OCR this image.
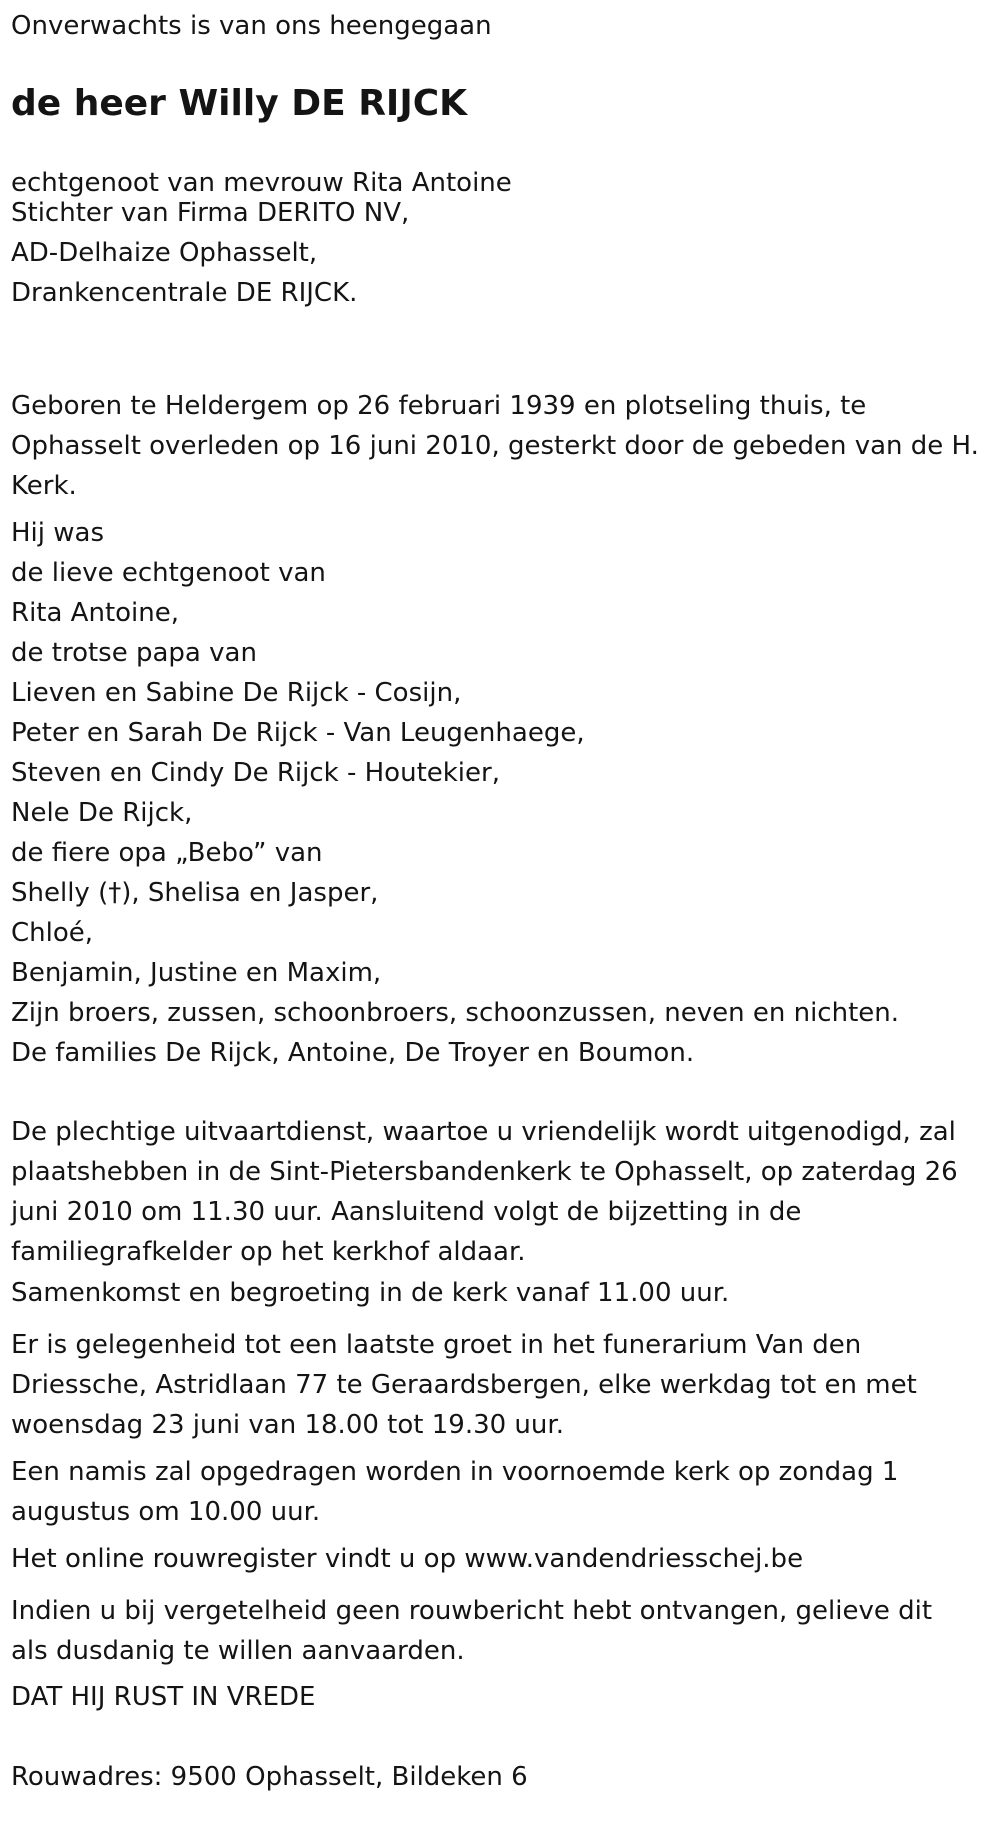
Onverwachts is van ons heengegaan
de heer Willy DE RIJCK
echtgenoot van mevrouw Rita Antoine
Stichter van Firma DERITO NV,
AD-Delhaize Ophasselt,
Drankencentrale DE RIJCK.
Geboren te Heldergem op 26 februari 1939 en plotseling thuis, te
Ophasselt overleden op 16 juni 2010, gesterkt door de gebeden van de H.
Kerk.
Hij was
de lieve echtgenoot van
Rita Antoine,
de trotse papa van
Lieven en Sabine De Rijck - Cosijn,
Peter en Sarah De Rijck - Van Leugenhaege,
Steven en Cindy De Rijck - Houtekier,
Nele De Rijck,
de fiere opa „Bebo” van
Shelly (†), Shelisa en Jasper,
Chloé,
Benjamin, Justine en Maxim,
Zijn broers, zussen, schoonbroers, schoonzussen, neven en nichten.
De families De Rijck, Antoine, De Troyer en Boumon.
De plechtige uitvaartdienst, waartoe u vriendelijk wordt uitgenodigd, zal
plaatshebben in de Sint-Pietersbandenkerk te Ophasselt, op zaterdag 26
juni 2010 om 11.30 uur. Aansluitend volgt de bijzetting in de
familiegrafkelder op het kerkhof aldaar.
Samenkomst en begroeting in de kerk vanaf 11.00 uur.
Er is gelegenheid tot een laatste groet in het funerarium Van den
Driessche, Astridlaan 77 te Geraardsbergen, elke werkdag tot en met
woensdag 23 juni van 18.00 tot 19.30 uur.
Een namis zal opgedragen worden in voornoemde kerk op zondag 1
augustus om 10.00 uur.
Het online rouwregister vindt u op www.vandendriesschej.be
Indien u bij vergetelheid geen rouwbericht hebt ontvangen, gelieve dit
als dusdanig te willen aanvaarden.
DAT HIJ RUST IN VREDE
Rouwadres: 9500 Ophasselt, Bildeken 6
